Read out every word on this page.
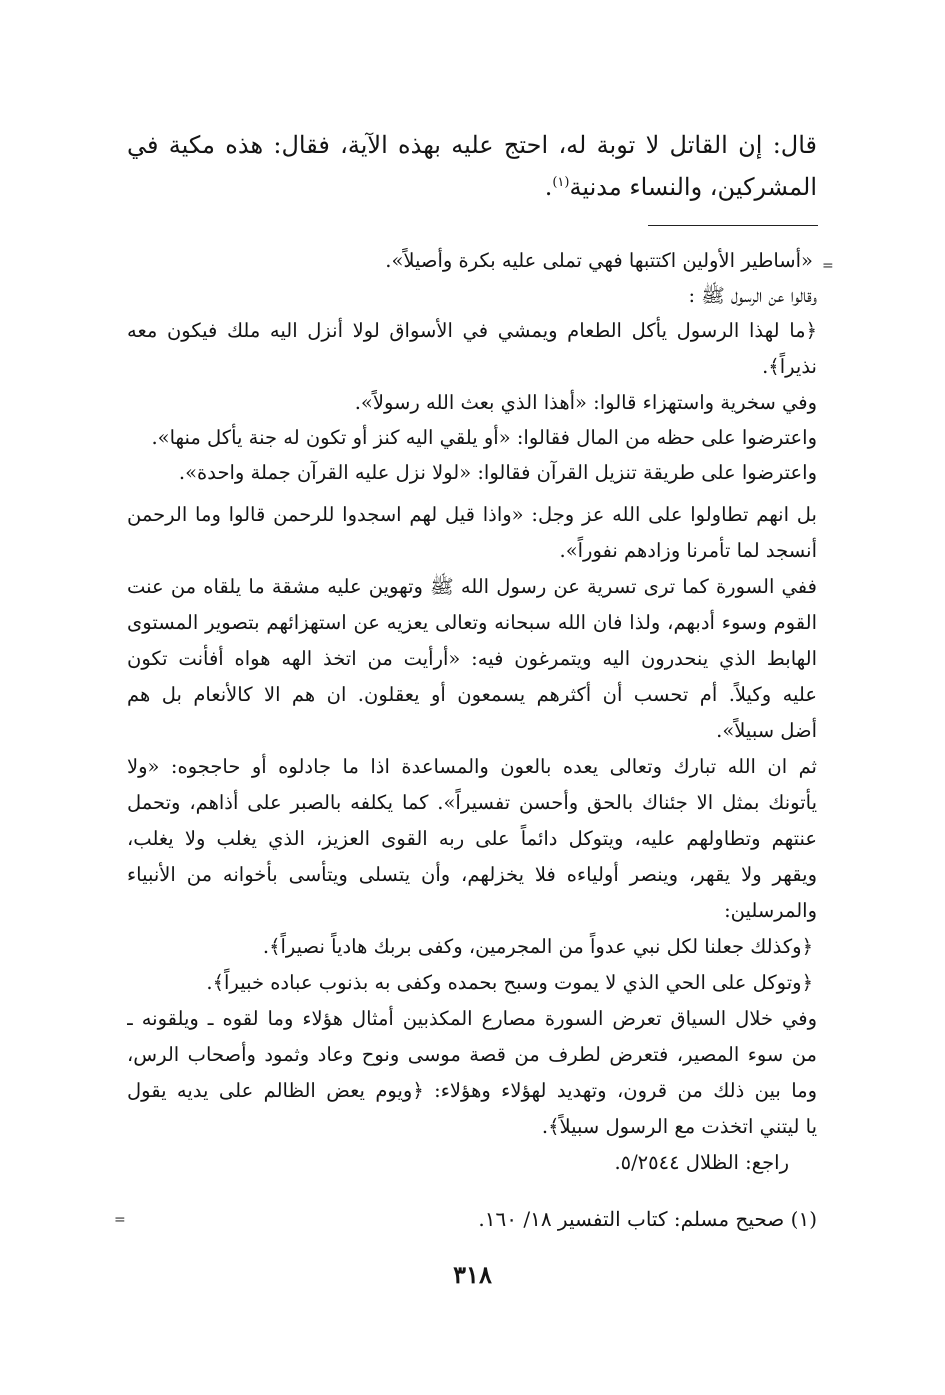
قال: إن القاتل لا توبة له، احتج عليه بهذه الآية، فقال: هذه مكية في المشركين، والنساء مدنية$^{(١)}$.

=
«أساطير الأولين اكتتبها فهي تملى عليه بكرة وأصيلاً».
وقالوا عن الرسول ﷺ :
﴿ما لهذا الرسول يأكل الطعام ويمشي في الأسواق لولا أنزل اليه ملك فيكون معه
نذيراً﴾.
وفي سخرية واستهزاء قالوا: «أهذا الذي بعث الله رسولاً».
واعترضوا على حظه من المال فقالوا: «أو يلقي اليه كنز أو تكون له جنة يأكل منها».
واعترضوا على طريقة تنزيل القرآن فقالوا: «لولا نزل عليه القرآن جملة واحدة».
بل انهم تطاولوا على الله عز وجل: «واذا قيل لهم اسجدوا للرحمن قالوا وما الرحمن
أنسجد لما تأمرنا وزادهم نفوراً».
ففي السورة كما ترى تسرية عن رسول الله ﷺ وتهوين عليه مشقة ما يلقاه من عنت
القوم وسوء أدبهم، ولذا فان الله سبحانه وتعالى يعزيه عن استهزائهم بتصوير المستوى
الهابط الذي ينحدرون اليه ويتمرغون فيه: «أرأيت من اتخذ الهه هواه أفأنت تكون
عليه وكيلاً. أم تحسب أن أكثرهم يسمعون أو يعقلون. ان هم الا كالأنعام بل هم
أضل سبيلاً».
ثم ان الله تبارك وتعالى يعده بالعون والمساعدة اذا ما جادلوه أو حاججوه: «ولا
يأتونك بمثل الا جئناك بالحق وأحسن تفسيراً». كما يكلفه بالصبر على أذاهم، وتحمل
عنتهم وتطاولهم عليه، ويتوكل دائماً على ربه القوى العزيز، الذي يغلب ولا يغلب،
ويقهر ولا يقهر، وينصر أولياءه فلا يخزلهم، وأن يتسلى ويتأسى بأخوانه من الأنبياء
والمرسلين:
﴿وكذلك جعلنا لكل نبي عدواً من المجرمين، وكفى بربك هادياً نصيراً﴾.
﴿وتوكل على الحي الذي لا يموت وسبح بحمده وكفى به بذنوب عباده خبيراً﴾.
وفي خلال السياق تعرض السورة مصارع المكذبين أمثال هؤلاء وما لقوه ـ ويلقونه ـ
من سوء المصير، فتعرض لطرف من قصة موسى ونوح وعاد وثمود وأصحاب الرس،
وما بين ذلك من قرون، وتهديد لهؤلاء وهؤلاء: ﴿ويوم يعض الظالم على يديه يقول
يا ليتني اتخذت مع الرسول سبيلاً﴾.
راجع: الظلال ٥/٢٥٤٤.
(١) صحيح مسلم: كتاب التفسير ١٨/ ١٦٠.
=
٣١٨
